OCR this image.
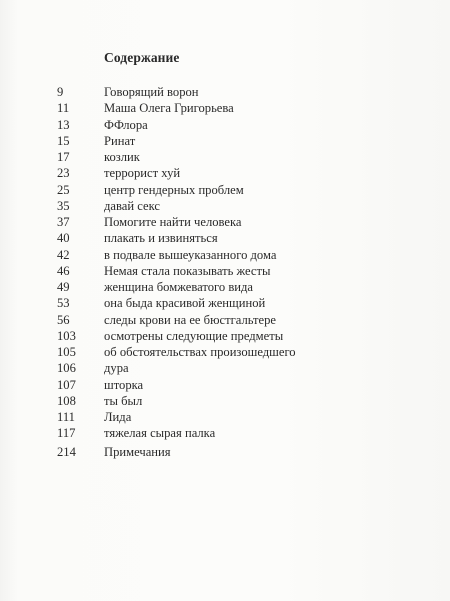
Содержание
9	Говорящий ворон
11	Маша Олега Григорьева
13	ФФлора
15	Ринат
17	козлик
23	террорист хуй
25	центр гендерных проблем
35	давай секс
37	Помогите найти человека
40	плакать и извиняться
42	в подвале вышеуказанного дома
46	Немая стала показывать жесты
49	женщина бомжеватого вида
53	она быда красивой женщиной
56	следы крови на ее бюстгальтере
103	осмотрены следующие предметы
105	об обстоятельствах произошедшего
106	дура
107	шторка
108	ты был
111	Лида
117	тяжелая сырая палка
214	Примечания
